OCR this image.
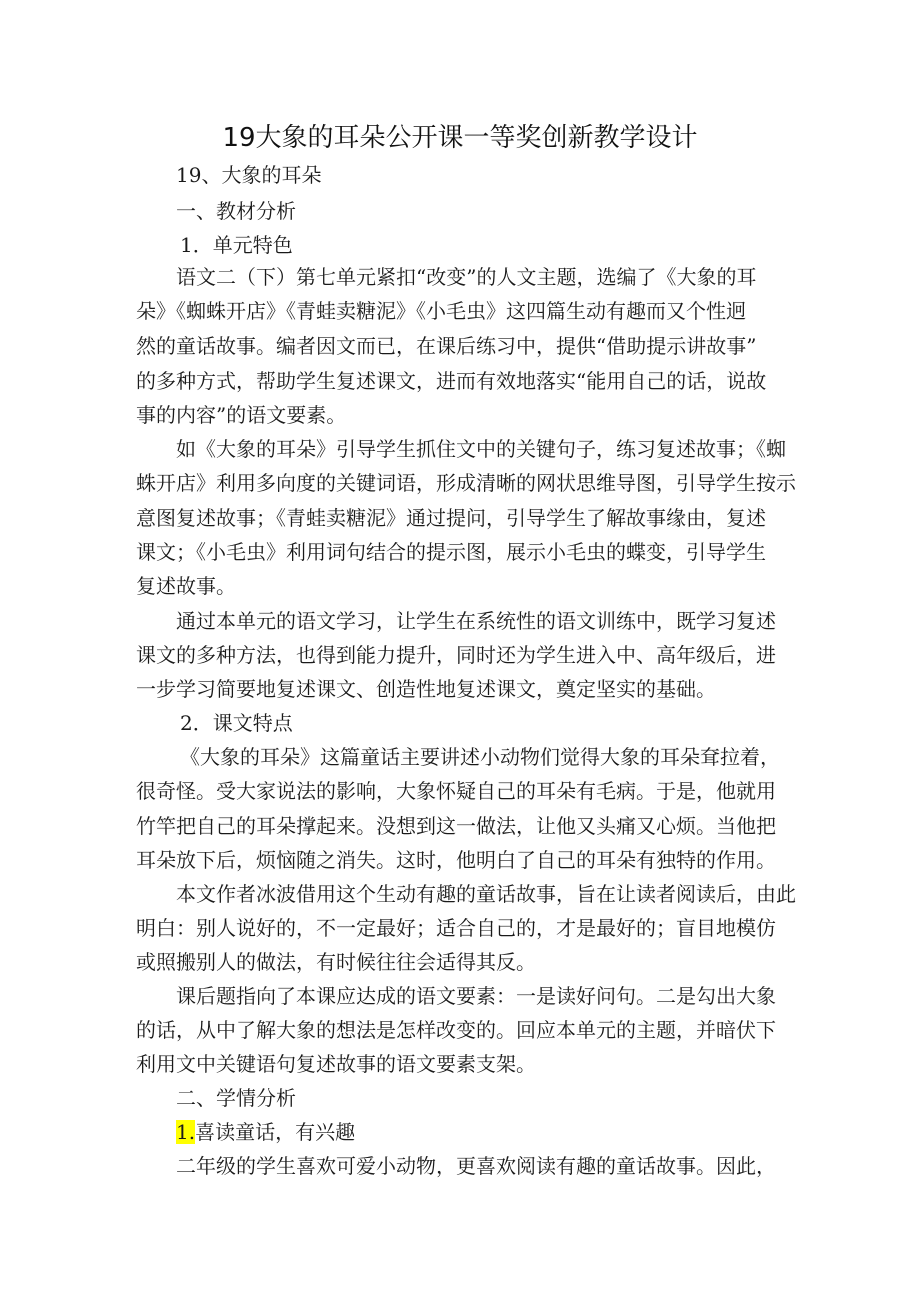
19大象的耳朵公开课一等奖创新教学设计

19、大象的耳朵

一、教材分析

1．单元特色

语文二（下）第七单元紧扣“改变”的人文主题，选编了《大象的耳

朵》《蜘蛛开店》《青蛙卖糖泥》《小毛虫》这四篇生动有趣而又个性迥

然的童话故事。编者因文而已，在课后练习中，提供“借助提示讲故事”

的多种方式，帮助学生复述课文，进而有效地落实“能用自己的话，说故

事的内容”的语文要素。

如《大象的耳朵》引导学生抓住文中的关键句子，练习复述故事；《蜘

蛛开店》利用多向度的关键词语，形成清晰的网状思维导图，引导学生按示

意图复述故事；《青蛙卖糖泥》通过提问，引导学生了解故事缘由，复述

课文；《小毛虫》利用词句结合的提示图，展示小毛虫的蝶变，引导学生

复述故事。

通过本单元的语文学习，让学生在系统性的语文训练中，既学习复述

课文的多种方法，也得到能力提升，同时还为学生进入中、高年级后，进

一步学习简要地复述课文、创造性地复述课文，奠定坚实的基础。

2．课文特点

《大象的耳朵》这篇童话主要讲述小动物们觉得大象的耳朵耷拉着，

很奇怪。受大家说法的影响，大象怀疑自己的耳朵有毛病。于是，他就用

竹竿把自己的耳朵撑起来。没想到这一做法，让他又头痛又心烦。当他把

耳朵放下后，烦恼随之消失。这时，他明白了自己的耳朵有独特的作用。

本文作者冰波借用这个生动有趣的童话故事，旨在让读者阅读后，由此

明白：别人说好的，不一定最好；适合自己的，才是最好的；盲目地模仿

或照搬别人的做法，有时候往往会适得其反。

课后题指向了本课应达成的语文要素：一是读好问句。二是勾出大象

的话，从中了解大象的想法是怎样改变的。回应本单元的主题，并暗伏下

利用文中关键语句复述故事的语文要素支架。

二、学情分析

1.喜读童话，有兴趣

二年级的学生喜欢可爱小动物，更喜欢阅读有趣的童话故事。因此，
